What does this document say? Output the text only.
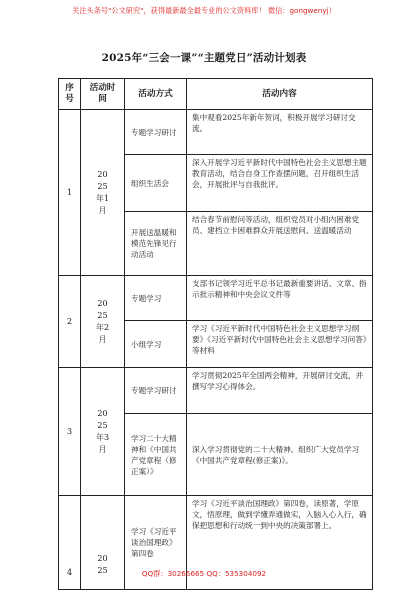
关注头条号"公文研究"，获得最新最全最专业的公文资料库！ 微信：gongwenyj）
2025年“三会一课”“主题党日”活动计划表
序号	活动时间	活动方式	活动内容
1	2025年1月	专题学习研讨	集中观看2025年新年贺词，积极开展学习研讨交流。

		组织生活会	深入开展学习近平新时代中国特色社会主义思想主题教育活动，结合自身工作查摆问题，召开组织生活会，开展批评与自我批评。

		开展送温暖和模范先锋见行动活动	结合春节前慰问等活动，组织党员对小组内困难党员、建档立卡困难群众开展送慰问、送温暖活动

2	2025年2月	专题学习	支部书记领学习近平总书记最新重要讲话、文章、指示批示精神和中央会议文件等

		小组学习	学习《习近平新时代中国特色社会主义思想学习纲要》《习近平新时代中国特色社会主义思想学习问答》等材料

3	2025年3月	专题学习研讨	学习贯彻2025年全国两会精神，开展研讨交流，并撰写学习心得体会。

		学习二十大精神和《中国共产党章程（修正案）》	深入学习贯彻党的二十大精神。组织广大党员学习《中国共产党章程(修正案)》。

4	2025	学习《习近平谈治国理政》第四卷	学习《习近平谈治国理政》第四卷，读原著，学原文，悟原理，做到学懂弄通做实，入脑入心入行，确保把思想和行动统一到中央的决策部署上。
QQ群：30265665 QQ：535304092
